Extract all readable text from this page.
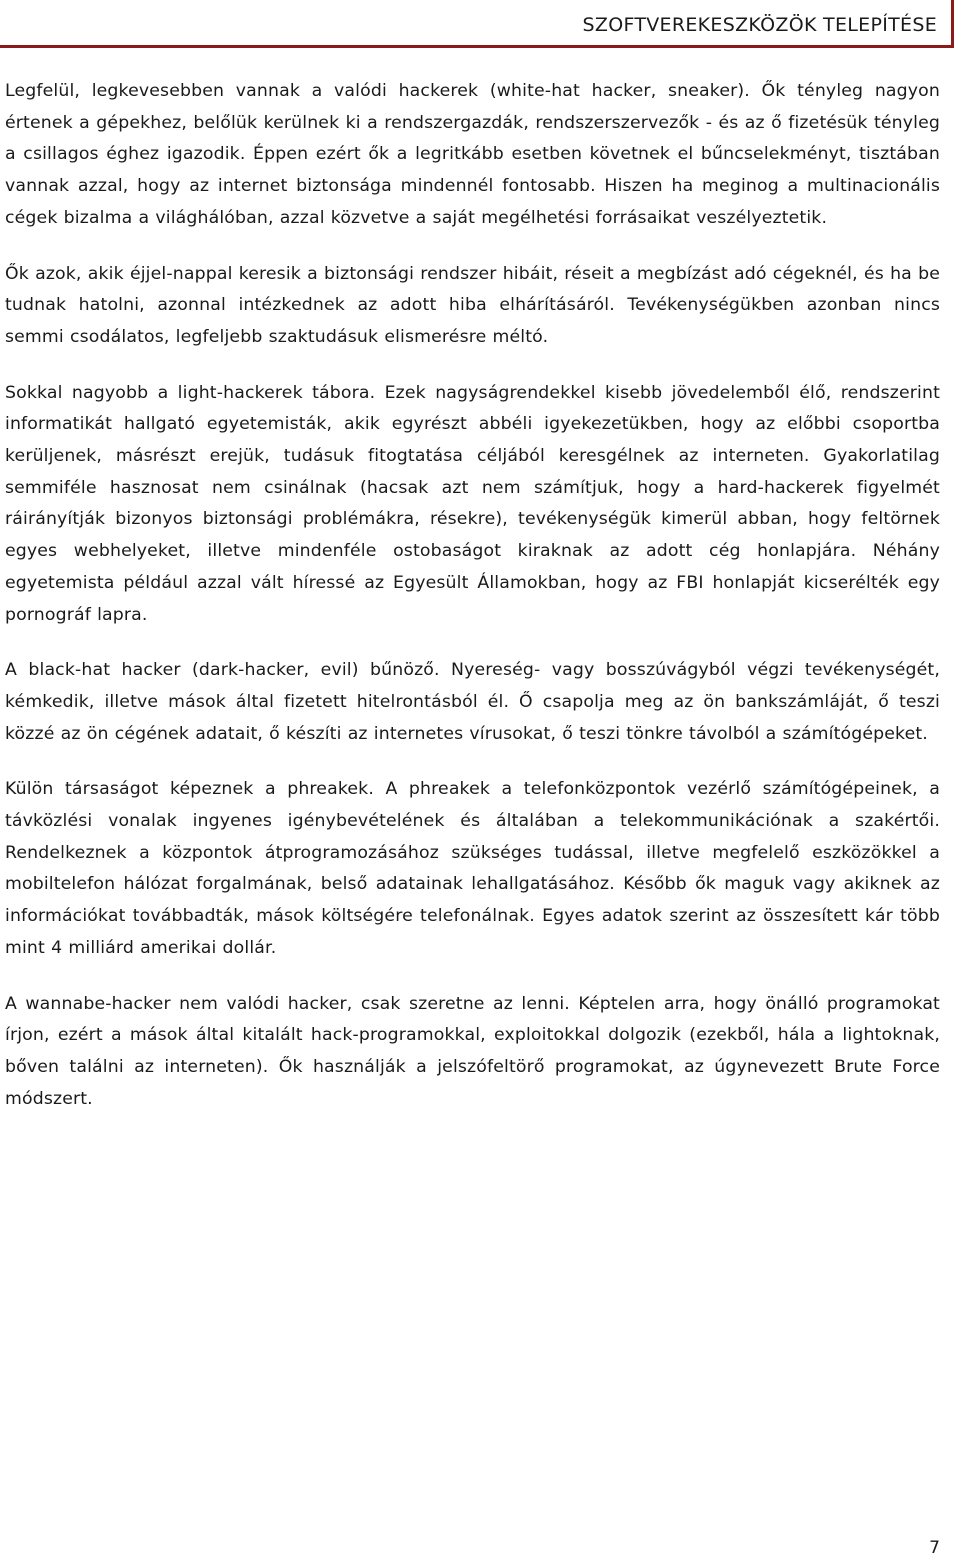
SZOFTVEREKESZKÖZÖK TELEPÍTÉSE

Legfelül, legkevesebben vannak a valódi hackerek (white-hat hacker, sneaker). Ők tényleg nagyon értenek a gépekhez, belőlük kerülnek ki a rendszergazdák, rendszerszervezők - és az ő fizetésük tényleg a csillagos éghez igazodik. Éppen ezért ők a legritkább esetben követnek el bűncselekményt, tisztában vannak azzal, hogy az internet biztonsága mindennél fontosabb. Hiszen ha meginog a multinacionális cégek bizalma a világhálóban, azzal közvetve a saját megélhetési forrásaikat veszélyeztetik.

Ők azok, akik éjjel-nappal keresik a biztonsági rendszer hibáit, réseit a megbízást adó cégeknél, és ha be tudnak hatolni, azonnal intézkednek az adott hiba elhárításáról. Tevékenységükben azonban nincs semmi csodálatos, legfeljebb szaktudásuk elismerésre méltó.

Sokkal nagyobb a light-hackerek tábora. Ezek nagyságrendekkel kisebb jövedelemből élő, rendszerint informatikát hallgató egyetemisták, akik egyrészt abbéli igyekezetükben, hogy az előbbi csoportba kerüljenek, másrészt erejük, tudásuk fitogtatása céljából keresgélnek az interneten. Gyakorlatilag semmiféle hasznosat nem csinálnak (hacsak azt nem számítjuk, hogy a hard-hackerek figyelmét ráirányítják bizonyos biztonsági problémákra, résekre), tevékenységük kimerül abban, hogy feltörnek egyes webhelyeket, illetve mindenféle ostobaságot kiraknak az adott cég honlapjára. Néhány egyetemista például azzal vált híressé az Egyesült Államokban, hogy az FBI honlapját kicserélték egy pornográf lapra.

A black-hat hacker (dark-hacker, evil) bűnöző. Nyereség- vagy bosszúvágyból végzi tevékenységét, kémkedik, illetve mások által fizetett hitelrontásból él. Ő csapolja meg az ön bankszámláját, ő teszi közzé az ön cégének adatait, ő készíti az internetes vírusokat, ő teszi tönkre távolból a számítógépeket.

Külön társaságot képeznek a phreakek. A phreakek a telefonközpontok vezérlő számítógépeinek, a távközlési vonalak ingyenes igénybevételének és általában a telekommunikációnak a szakértői. Rendelkeznek a központok átprogramozásához szükséges tudással, illetve megfelelő eszközökkel a mobiltelefon hálózat forgalmának, belső adatainak lehallgatásához. Később ők maguk vagy akiknek az információkat továbbadták, mások költségére telefonálnak. Egyes adatok szerint az összesített kár több mint 4 milliárd amerikai dollár.

A wannabe-hacker nem valódi hacker, csak szeretne az lenni. Képtelen arra, hogy önálló programokat írjon, ezért a mások által kitalált hack-programokkal, exploitokkal dolgozik (ezekből, hála a lightoknak, bőven találni az interneten). Ők használják a jelszófeltörő programokat, az úgynevezett Brute Force módszert.

7
